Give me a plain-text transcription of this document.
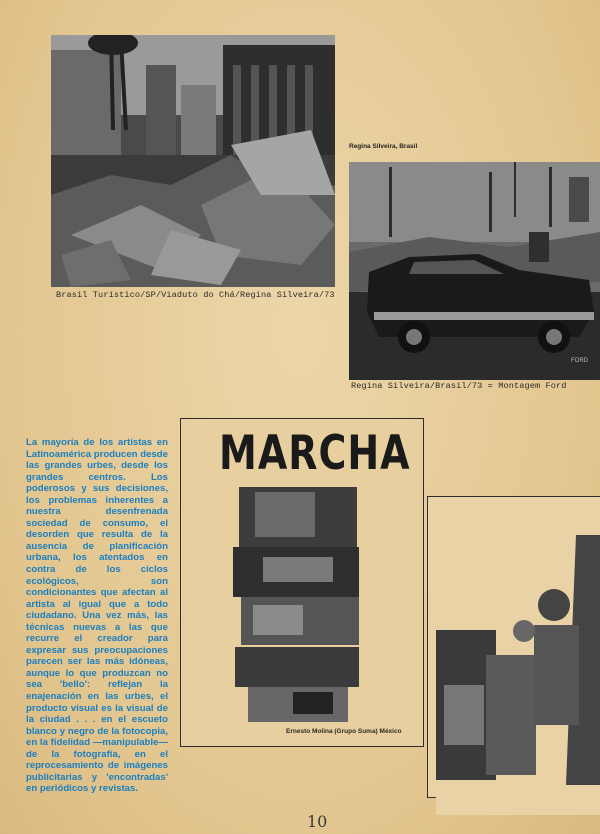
Brasil Turístico/SP/Viaduto do Chá/Regina Silveira/73
Regina Silveira, Brasil
FORD
Regina Silveira/Brasil/73 = Montagem Ford
La mayoría de los artistas en Latinoamérica producen desde las grandes urbes, desde los grandes centros. Los poderosos y sus decisiones, los problemas inherentes a nuestra desenfrenada sociedad de consumo, el desorden que resulta de la ausencia de planificación urbana, los atentados en contra de los ciclos ecológicos, son condicionantes que afectan al artista al igual que a todo ciudadano. Una vez más, las técnicas nuevas a las que recurre el creador para expresar sus preocupaciones parecen ser las más idóneas, aunque lo que produzcan no sea 'bello': reflejan la enajenación en las urbes, el producto visual es la visual de la ciudad . . . en el escueto blanco y negro de la fotocopia, en la fidelidad —manipulable— de la fotografía, en el reprocesamiento de imágenes publicitarias y 'encontradas' en periódicos y revistas.
MARCHA
Ernesto Molina (Grupo Suma) México
10
